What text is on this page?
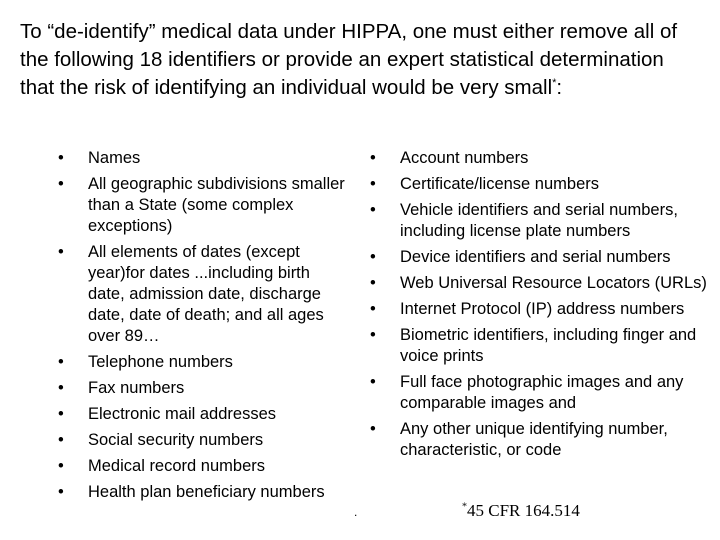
To “de-identify” medical data under HIPPA, one must either remove all of the following 18 identifiers or provide an expert statistical determination that the risk of identifying an individual would be very small*:
• Names
• All geographic subdivisions smaller than a State (some complex exceptions)
• All elements of dates (except year)for dates ...including birth date, admission date, discharge date, date of death; and all ages over 89…
• Telephone numbers
• Fax numbers
• Electronic mail addresses
• Social security numbers
• Medical record numbers
• Health plan beneficiary numbers
• Account numbers
• Certificate/license numbers
• Vehicle identifiers and serial numbers, including license plate numbers
• Device identifiers and serial numbers
• Web Universal Resource Locators (URLs)
• Internet Protocol (IP) address numbers
• Biometric identifiers, including finger and voice prints
• Full face photographic images and any comparable images and
• Any other unique identifying number, characteristic, or code
.	*45 CFR 164.514
